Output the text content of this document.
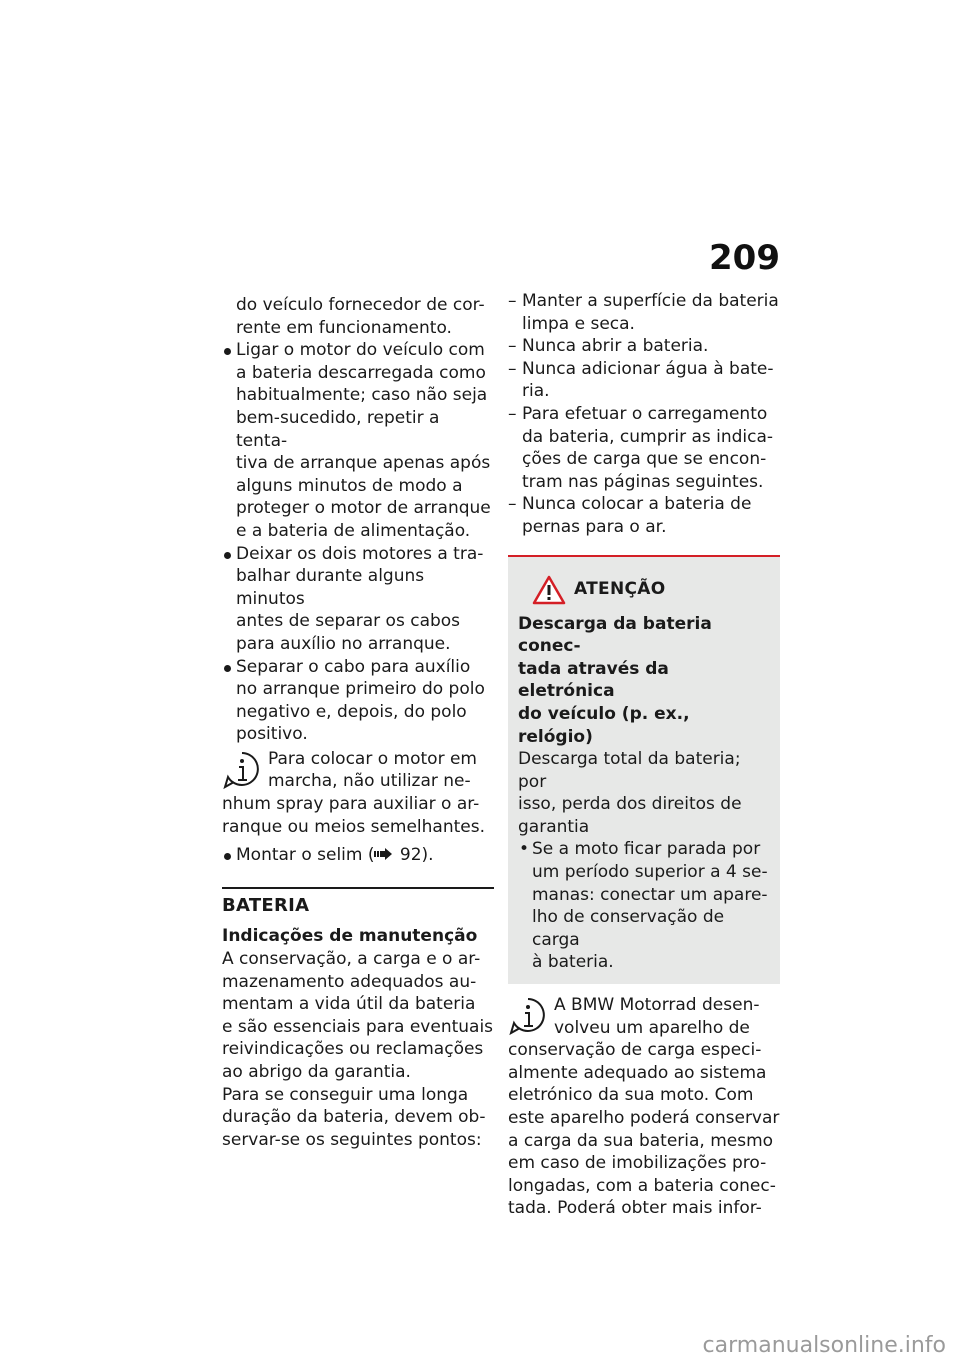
209
do veículo fornecedor de cor-
rente em funcionamento.
Ligar o motor do veículo com
a bateria descarregada como
habitualmente; caso não seja
bem-sucedido, repetir a tenta-
tiva de arranque apenas após
alguns minutos de modo a
proteger o motor de arranque
e a bateria de alimentação.
Deixar os dois motores a tra-
balhar durante alguns minutos
antes de separar os cabos
para auxílio no arranque.
Separar o cabo para auxílio
no arranque primeiro do polo
negativo e, depois, do polo
positivo.

Para colocar o motor em
marcha, não utilizar ne-
nhum spray para auxiliar o ar-
ranque ou meios semelhantes.

Montar o selim ( 92).
BATERIA
Indicações de manutenção
A conservação, a carga e o ar-
mazenamento adequados au-
mentam a vida útil da bateria
e são essenciais para eventuais
reivindicações ou reclamações
ao abrigo da garantia.
Para se conseguir uma longa
duração da bateria, devem ob-
servar-se os seguintes pontos:
– Manter a superfície da bateria
limpa e seca.
– Nunca abrir a bateria.
– Nunca adicionar água à bate-
ria.
– Para efetuar o carregamento
da bateria, cumprir as indica-
ções de carga que se encon-
tram nas páginas seguintes.
– Nunca colocar a bateria de
pernas para o ar.
ATENÇÃO
Descarga da bateria conec-
tada através da eletrónica
do veículo (p. ex., relógio)
Descarga total da bateria; por
isso, perda dos direitos de
garantia
• Se a moto ficar parada por
um período superior a 4 se-
manas: conectar um apare-
lho de conservação de carga
à bateria.

A BMW Motorrad desen-
volveu um aparelho de
conservação de carga especi-
almente adequado ao sistema
eletrónico da sua moto. Com
este aparelho poderá conservar
a carga da sua bateria, mesmo
em caso de imobilizações pro-
longadas, com a bateria conec-
tada. Poderá obter mais infor-

carmanualsonline.info
